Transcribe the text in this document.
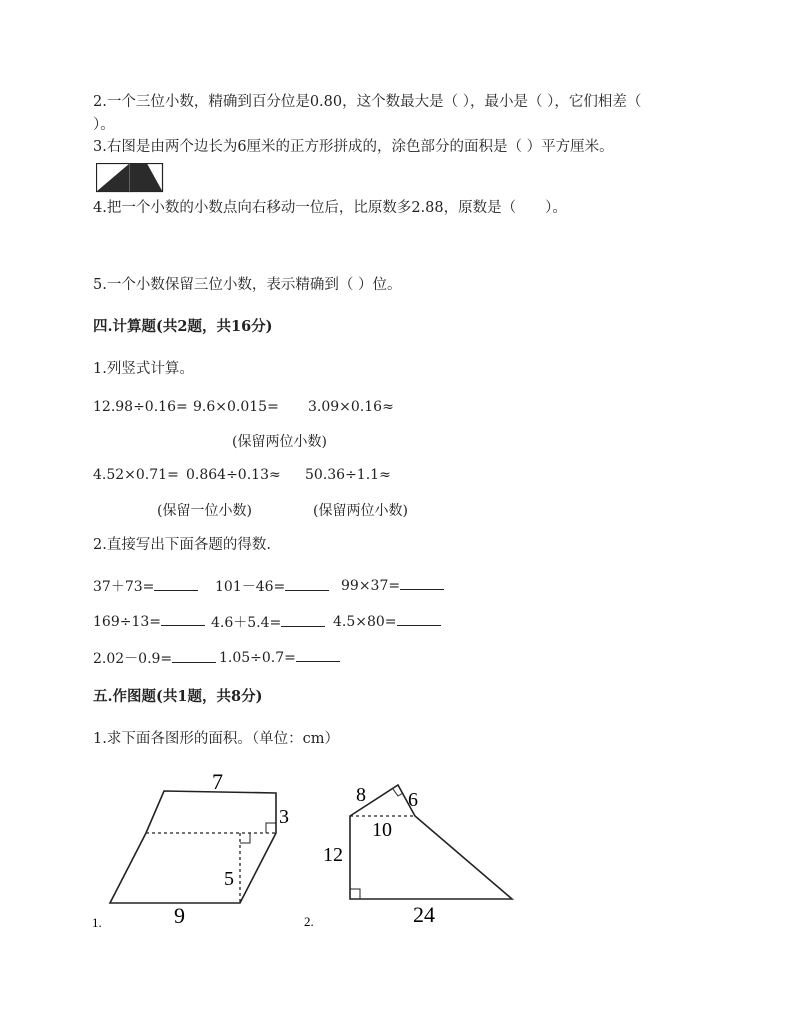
2.一个三位小数，精确到百分位是0.80，这个数最大是（ ），最小是（ ），它们相差（
）。
3.右图是由两个边长为6厘米的正方形拼成的，涂色部分的面积是（ ）平方厘米。
4.把一个小数的小数点向右移动一位后，比原数多2.88，原数是（　　）。
5.一个小数保留三位小数，表示精确到（ ）位。
四.计算题(共2题，共16分)
1.列竖式计算。
12.98÷0.16= 9.6×0.015= 3.09×0.16≈
(保留两位小数)
4.52×0.71= 0.864÷0.13≈ 50.36÷1.1≈
(保留一位小数)	(保留两位小数)
2.直接写出下面各题的得数.
37＋73=	101－46=	99×37=
169÷13=	4.6＋5.4=	4.5×80=
2.02－0.9=	1.05÷0.7=
五.作图题(共1题，共8分)
1.求下面各图形的面积。（单位：cm）
1.
7
3
5
9	2.
8 6
10
12
24
